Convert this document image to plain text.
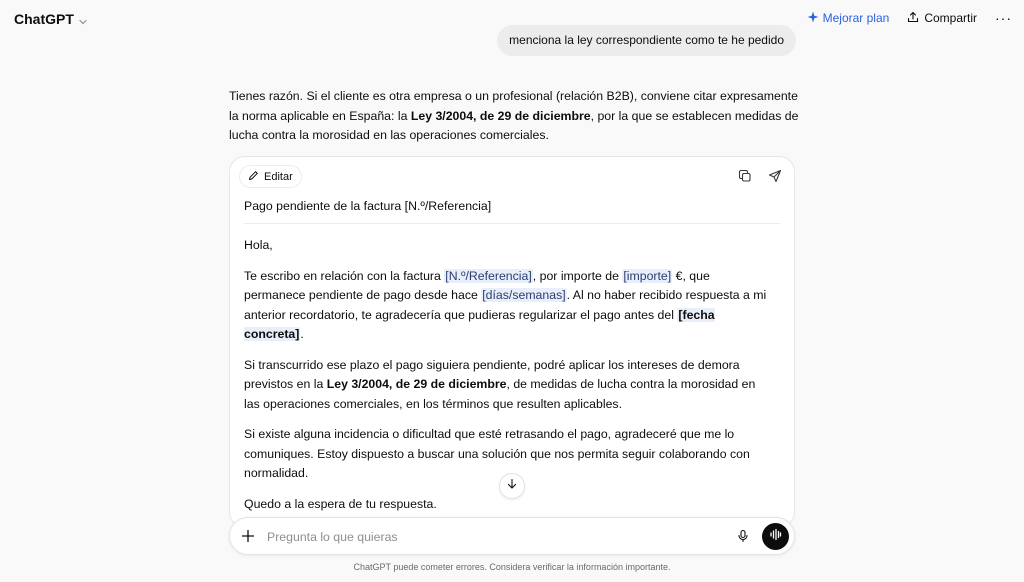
ChatGPT	Mejorar plan	Compartir ···
menciona la ley correspondiente como te he pedido
Tienes razón. Si el cliente es otra empresa o un profesional (relación B2B), conviene citar expresamente la norma aplicable en España: la Ley 3/2004, de 29 de diciembre, por la que se establecen medidas de lucha contra la morosidad en las operaciones comerciales.
Editar
Pago pendiente de la factura [N.º/Referencia]

Hola,

Te escribo en relación con la factura [N.º/Referencia], por importe de [importe] €, que permanece pendiente de pago desde hace [días/semanas]. Al no haber recibido respuesta a mi anterior recordatorio, te agradecería que pudieras regularizar el pago antes del [fecha concreta].

Si transcurrido ese plazo el pago siguiera pendiente, podré aplicar los intereses de demora previstos en la Ley 3/2004, de 29 de diciembre, de medidas de lucha contra la morosidad en las operaciones comerciales, en los términos que resulten aplicables.

Si existe alguna incidencia o dificultad que esté retrasando el pago, agradeceré que me lo comuniques. Estoy dispuesto a buscar una solución que nos permita seguir colaborando con normalidad.

Quedo a la espera de tu respuesta.

Pregunta lo que quieras
ChatGPT puede cometer errores. Considera verificar la información importante.
